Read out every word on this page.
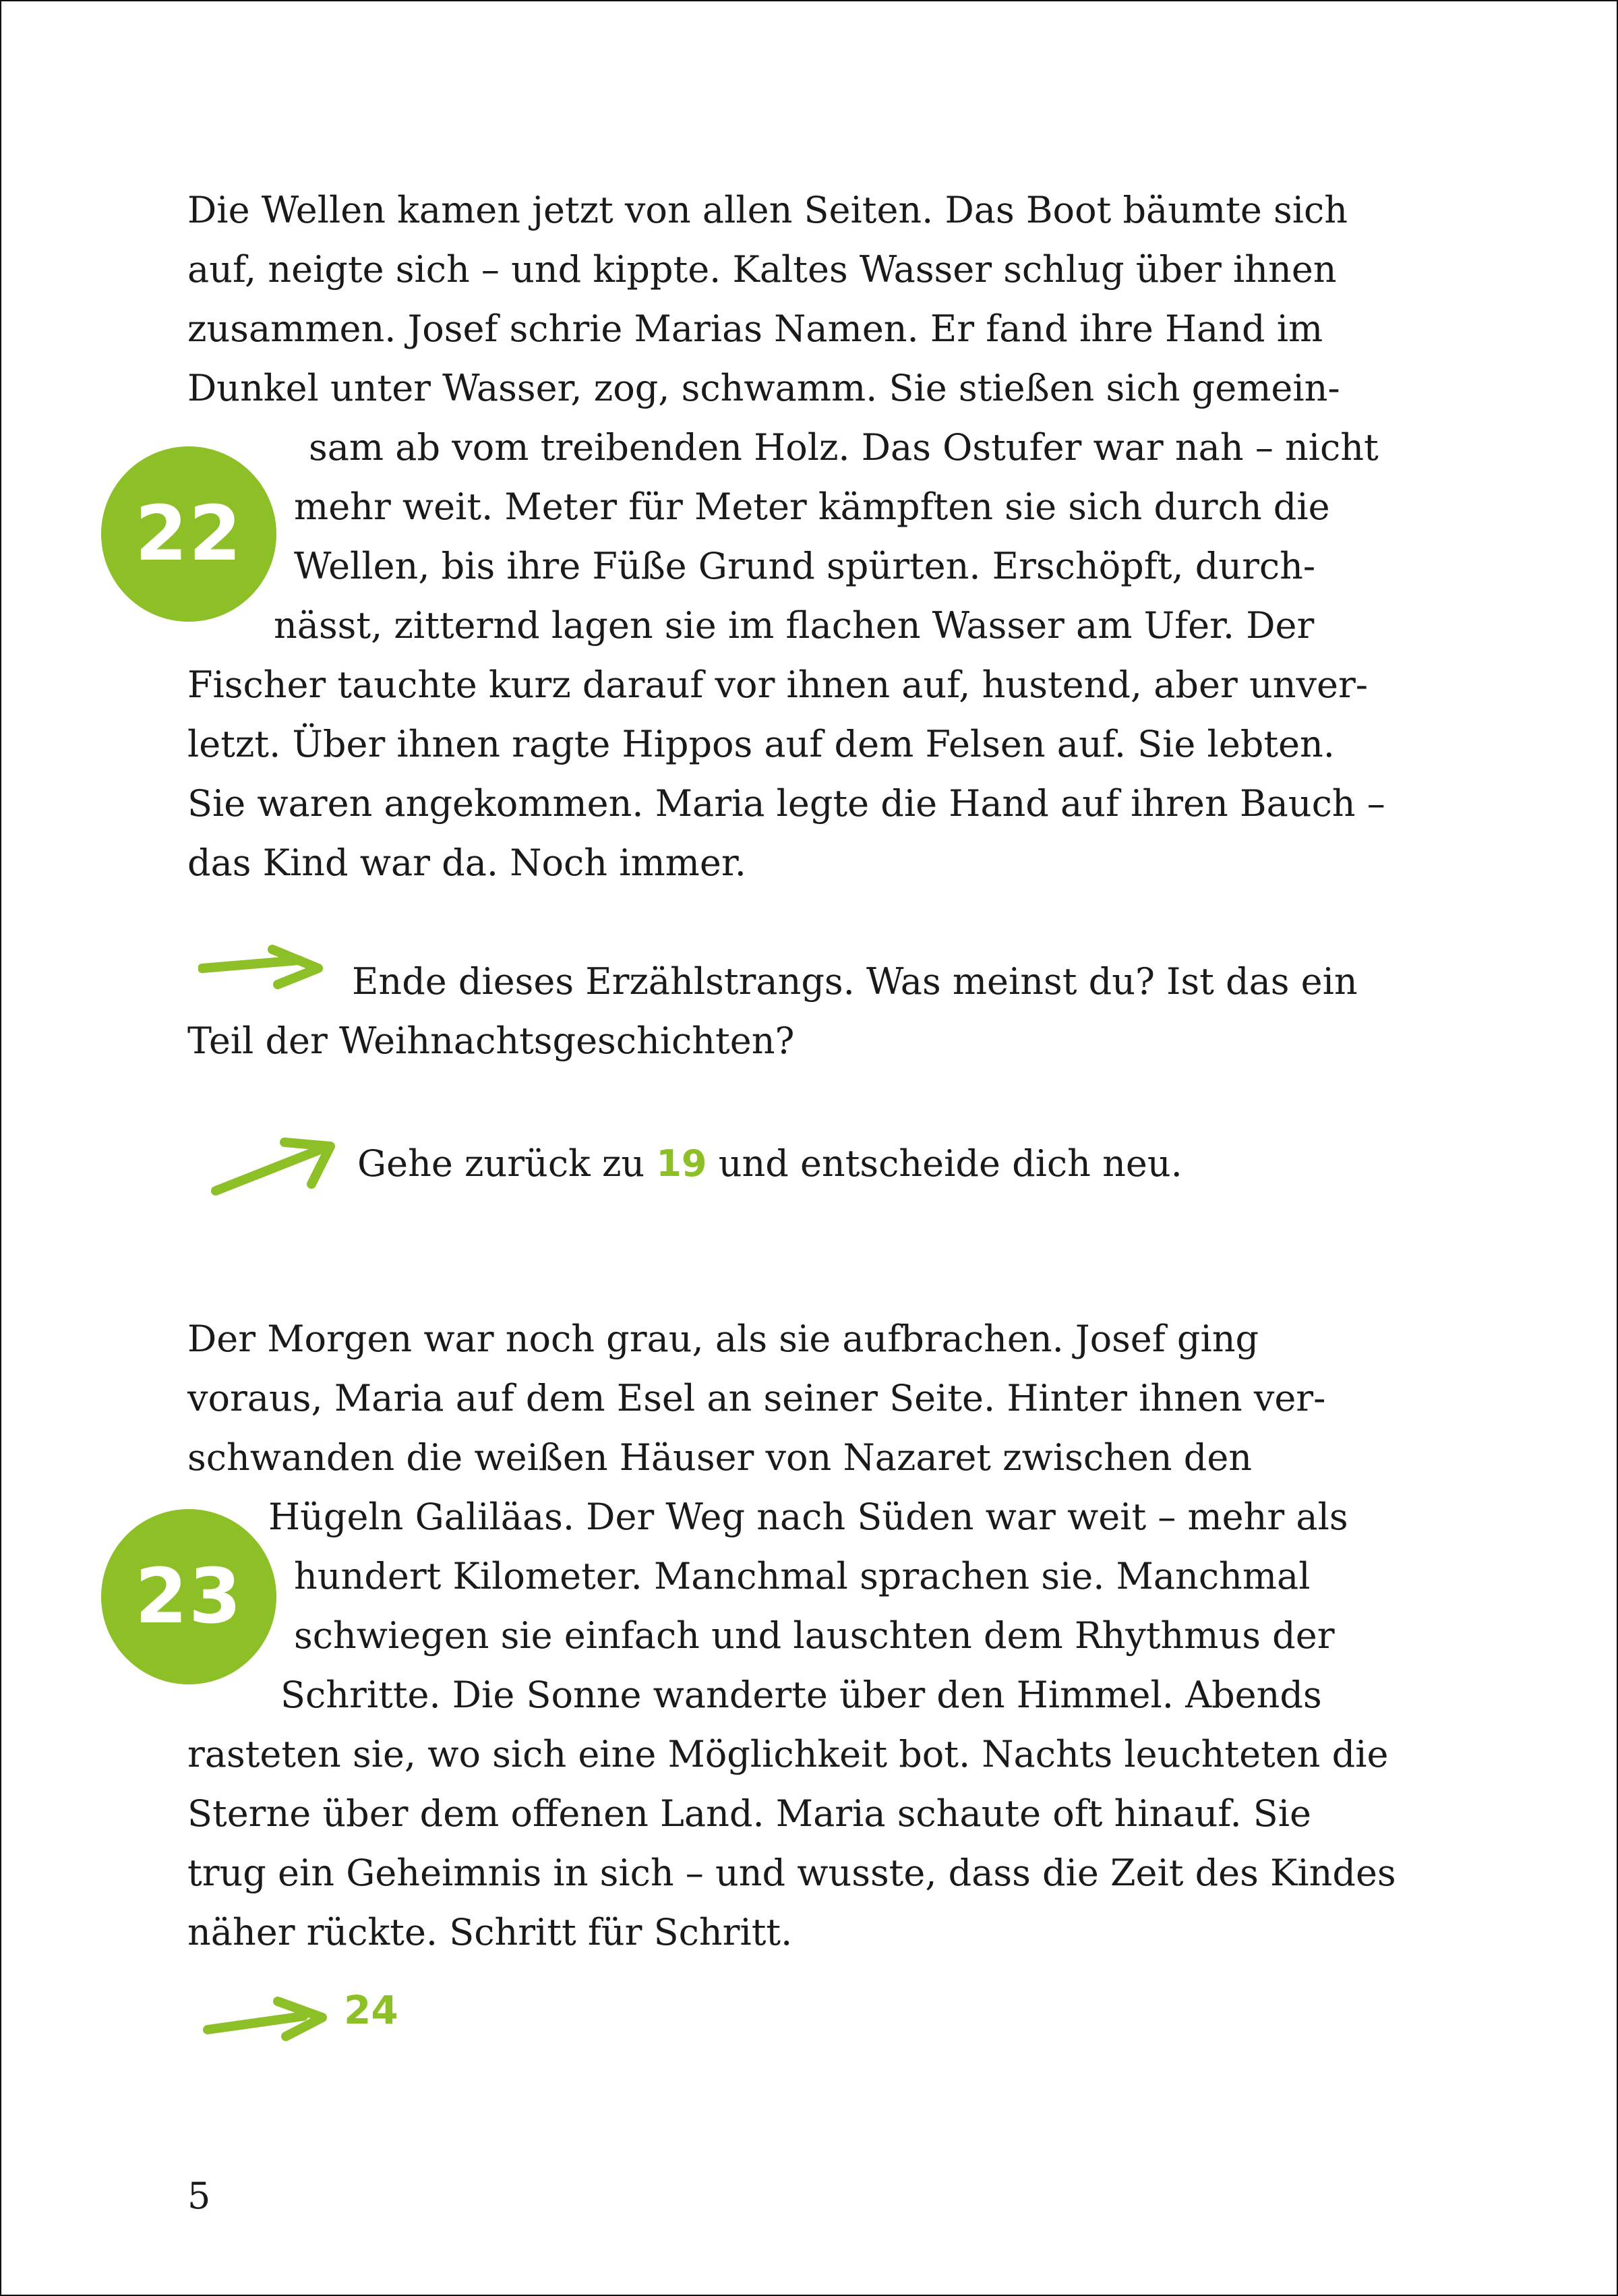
22
Die Wellen kamen jetzt von allen Seiten. Das Boot bäumte sich
auf, neigte sich – und kippte. Kaltes Wasser schlug über ihnen
zusammen. Josef schrie Marias Namen. Er fand ihre Hand im
Dunkel unter Wasser, zog, schwamm. Sie stießen sich gemein-
sam ab vom treibenden Holz. Das Ostufer war nah – nicht
mehr weit. Meter für Meter kämpften sie sich durch die
Wellen, bis ihre Füße Grund spürten. Erschöpft, durch-
nässt, zitternd lagen sie im flachen Wasser am Ufer. Der
Fischer tauchte kurz darauf vor ihnen auf, hustend, aber unver-
letzt. Über ihnen ragte Hippos auf dem Felsen auf. Sie lebten.
Sie waren angekommen. Maria legte die Hand auf ihren Bauch –
das Kind war da. Noch immer.
Ende dieses Erzählstrangs. Was meinst du? Ist das ein
Teil der Weihnachtsgeschichten?
Gehe zurück zu 19 und entscheide dich neu.
23
Der Morgen war noch grau, als sie aufbrachen. Josef ging
voraus, Maria auf dem Esel an seiner Seite. Hinter ihnen ver-
schwanden die weißen Häuser von Nazaret zwischen den
Hügeln Galiläas. Der Weg nach Süden war weit – mehr als
hundert Kilometer. Manchmal sprachen sie. Manchmal
schwiegen sie einfach und lauschten dem Rhythmus der
Schritte. Die Sonne wanderte über den Himmel. Abends
rasteten sie, wo sich eine Möglichkeit bot. Nachts leuchteten die
Sterne über dem offenen Land. Maria schaute oft hinauf. Sie
trug ein Geheimnis in sich – und wusste, dass die Zeit des Kindes
näher rückte. Schritt für Schritt.
24
5
